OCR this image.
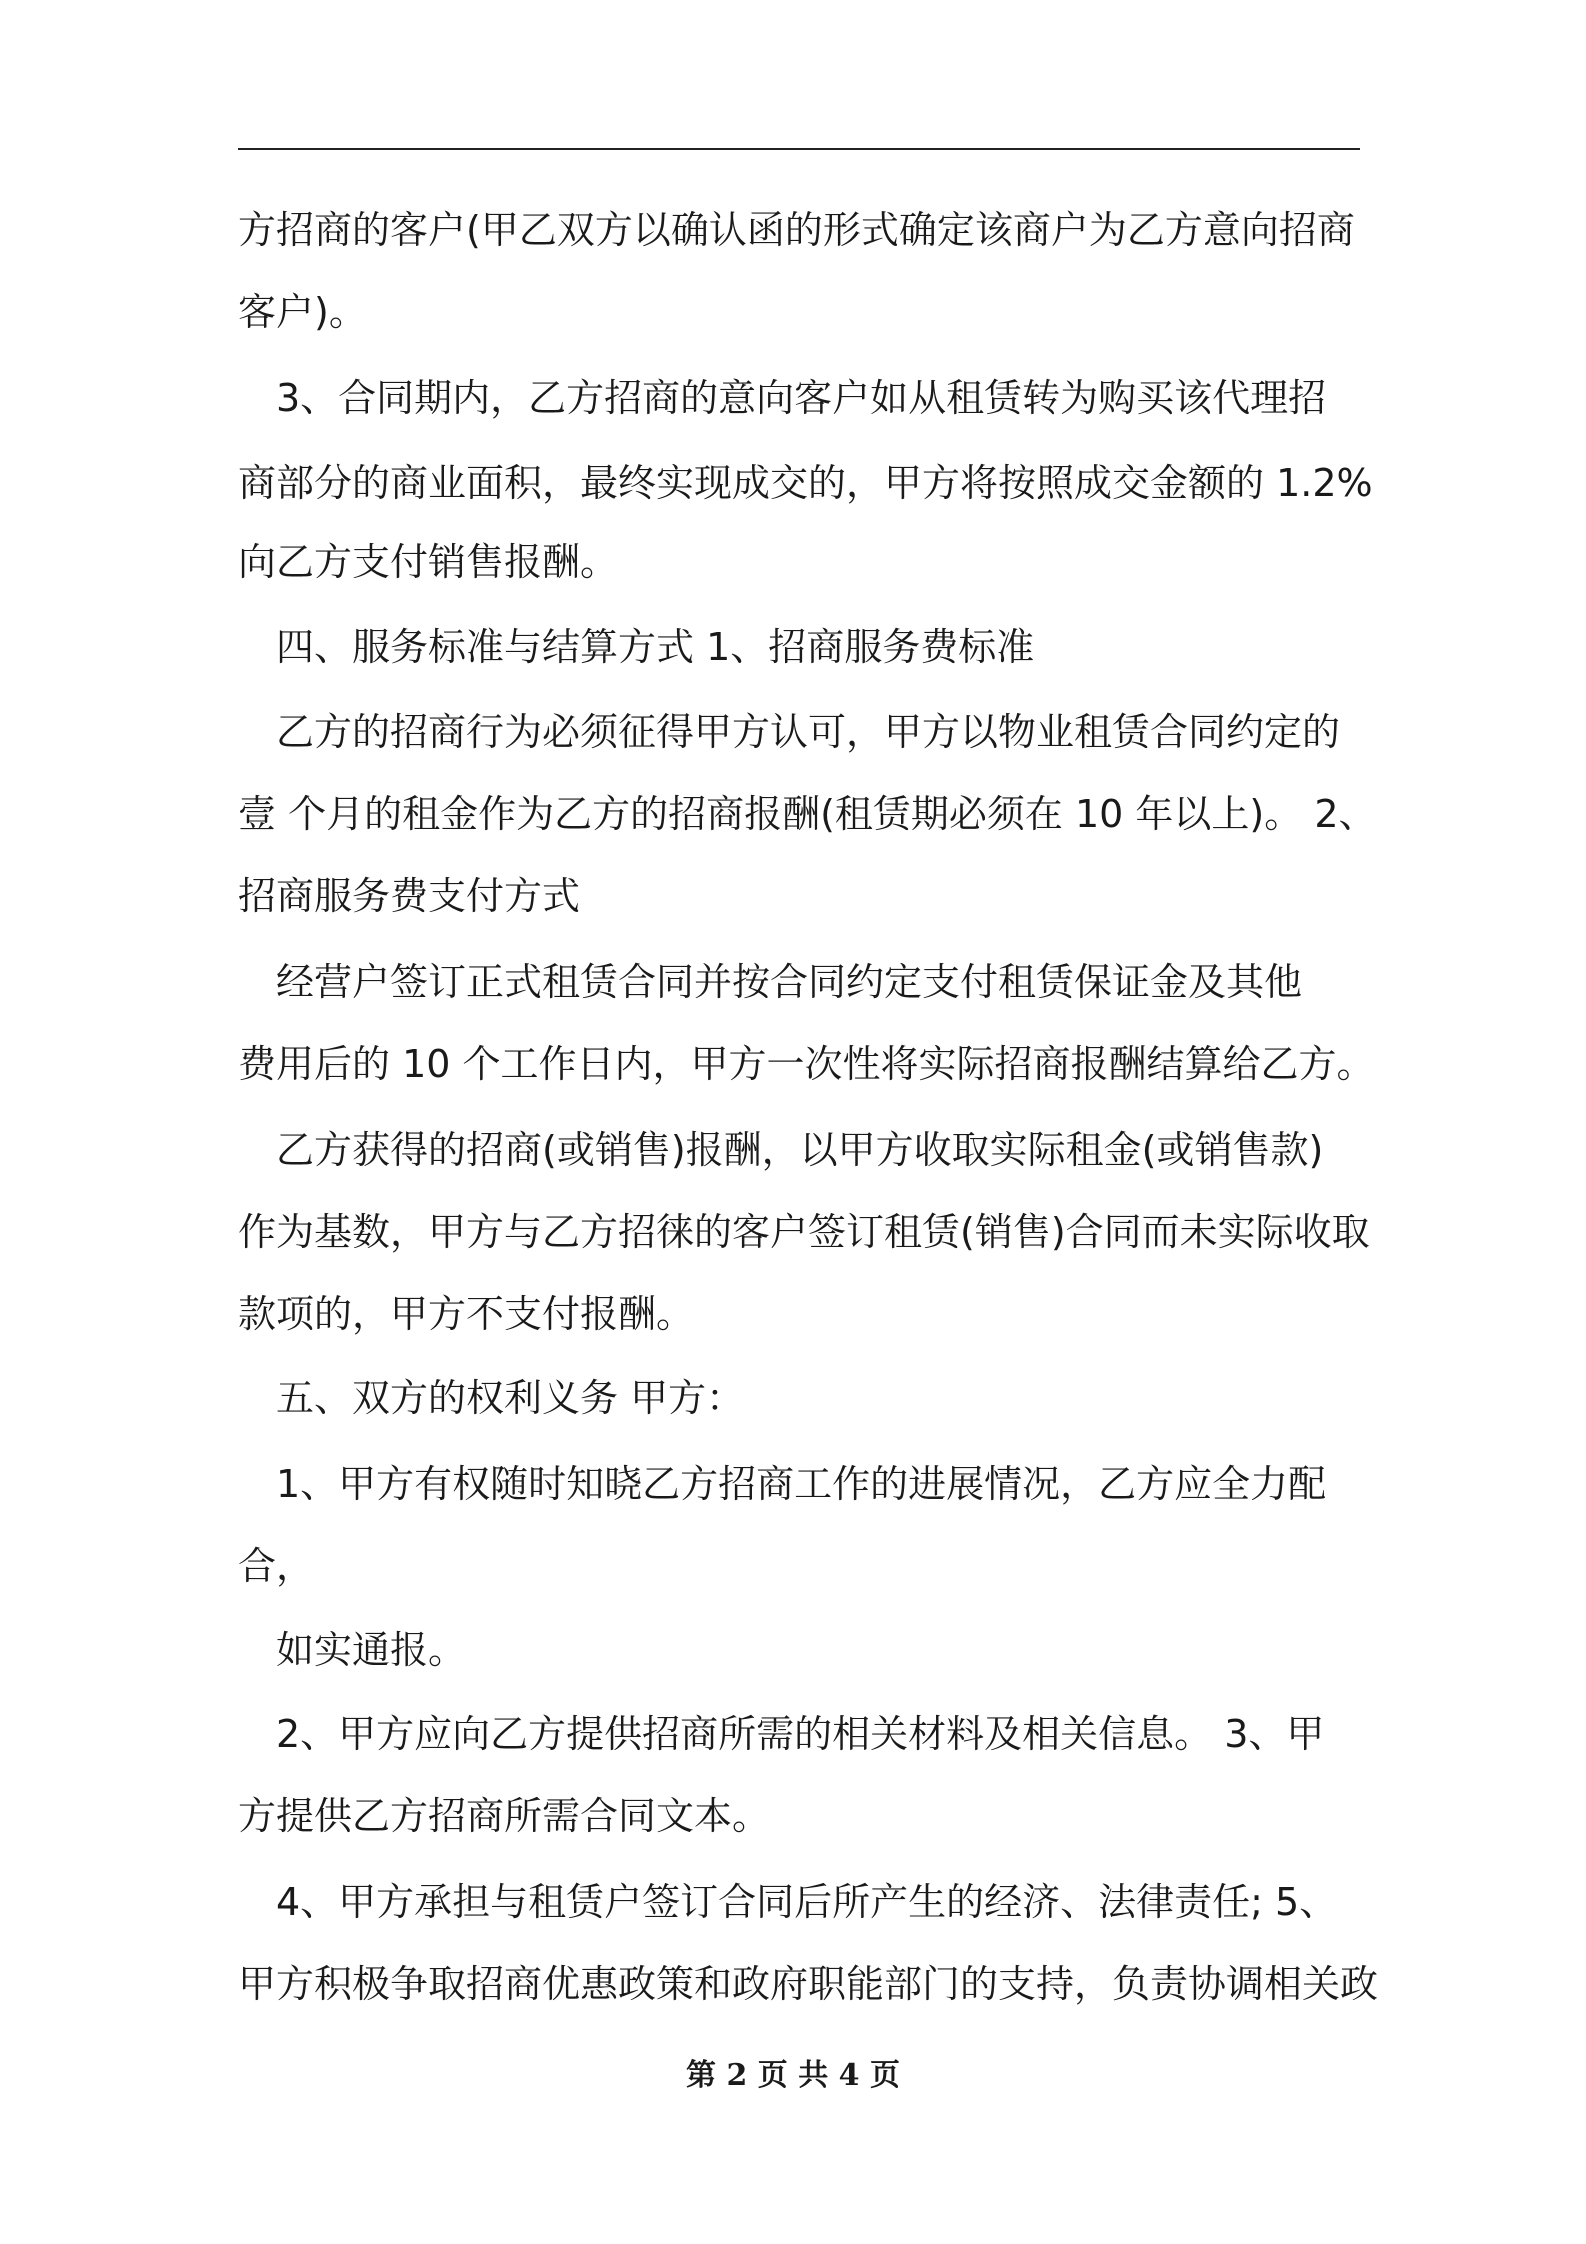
方招商的客户(甲乙双方以确认函的形式确定该商户为乙方意向招商
客户)。
　3、合同期内，乙方招商的意向客户如从租赁转为购买该代理招
商部分的商业面积，最终实现成交的，甲方将按照成交金额的 1.2%
向乙方支付销售报酬。
　四、服务标准与结算方式 1、招商服务费标准
　乙方的招商行为必须征得甲方认可，甲方以物业租赁合同约定的
壹 个月的租金作为乙方的招商报酬(租赁期必须在 10 年以上)。 2、
招商服务费支付方式
　经营户签订正式租赁合同并按合同约定支付租赁保证金及其他
费用后的 10 个工作日内，甲方一次性将实际招商报酬结算给乙方。
　乙方获得的招商(或销售)报酬，以甲方收取实际租金(或销售款)
作为基数，甲方与乙方招徕的客户签订租赁(销售)合同而未实际收取
款项的，甲方不支付报酬。
　五、双方的权利义务 甲方：
　1、甲方有权随时知晓乙方招商工作的进展情况，乙方应全力配
合，
　如实通报。
　2、甲方应向乙方提供招商所需的相关材料及相关信息。 3、甲
方提供乙方招商所需合同文本。
　4、甲方承担与租赁户签订合同后所产生的经济、法律责任; 5、
甲方积极争取招商优惠政策和政府职能部门的支持，负责协调相关政
第 2 页 共 4 页
